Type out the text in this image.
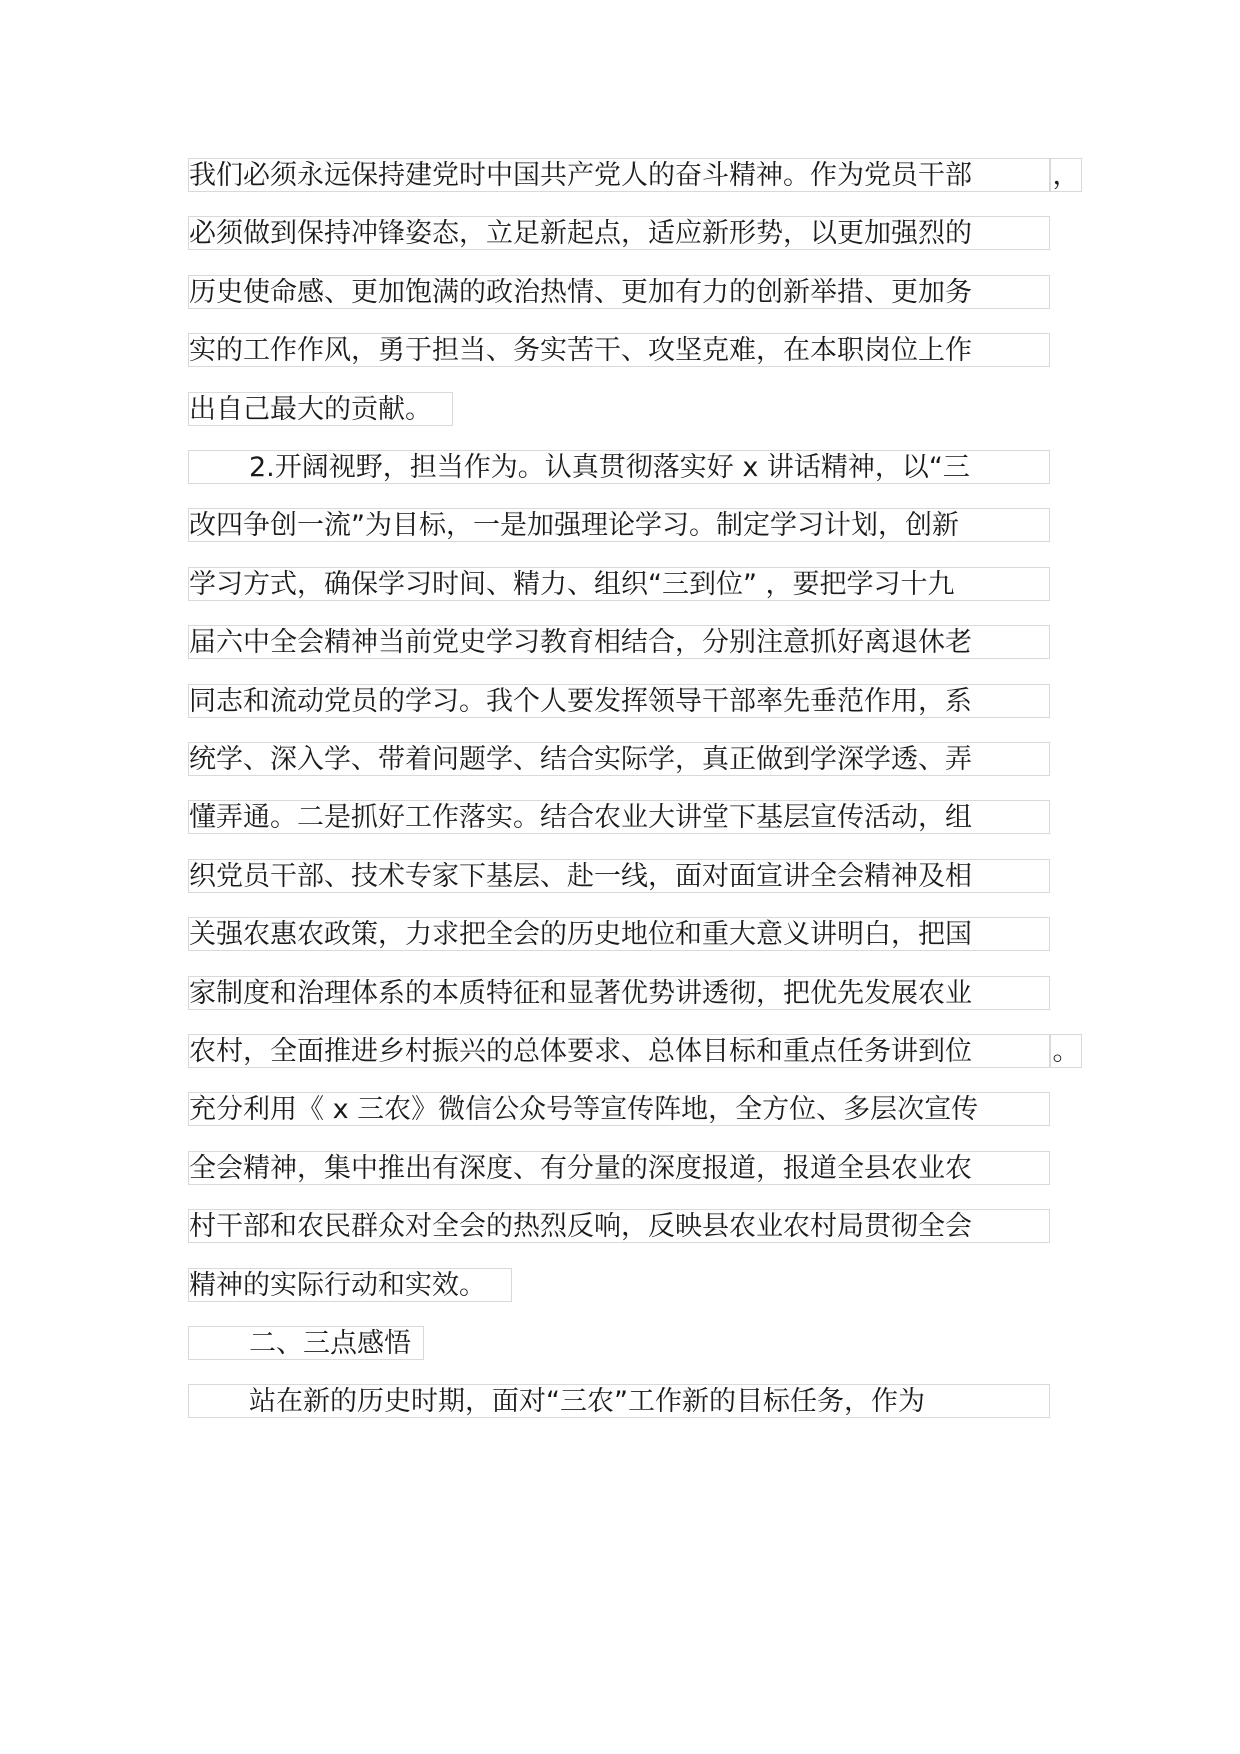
我们必须永远保持建党时中国共产党人的奋斗精神。作为党员干部	，
必须做到保持冲锋姿态，立足新起点，适应新形势，以更加强烈的
历史使命感、更加饱满的政治热情、更加有力的创新举措、更加务
实的工作作风，勇于担当、务实苦干、攻坚克难，在本职岗位上作
出自己最大的贡献。
2.开阔视野，担当作为。认真贯彻落实好 x 讲话精神，以“三
改四争创一流”为目标，一是加强理论学习。制定学习计划，创新
学习方式，确保学习时间、精力、组织“三到位” ，要把学习十九
届六中全会精神当前党史学习教育相结合，分别注意抓好离退休老
同志和流动党员的学习。我个人要发挥领导干部率先垂范作用，系
统学、深入学、带着问题学、结合实际学，真正做到学深学透、弄
懂弄通。二是抓好工作落实。结合农业大讲堂下基层宣传活动，组
织党员干部、技术专家下基层、赴一线，面对面宣讲全会精神及相
关强农惠农政策，力求把全会的历史地位和重大意义讲明白，把国
家制度和治理体系的本质特征和显著优势讲透彻，把优先发展农业
农村，全面推进乡村振兴的总体要求、总体目标和重点任务讲到位	。
充分利用《 x 三农》微信公众号等宣传阵地，全方位、多层次宣传
全会精神，集中推出有深度、有分量的深度报道，报道全县农业农
村干部和农民群众对全会的热烈反响，反映县农业农村局贯彻全会
精神的实际行动和实效。
二、三点感悟
站在新的历史时期，面对“三农”工作新的目标任务，作为
